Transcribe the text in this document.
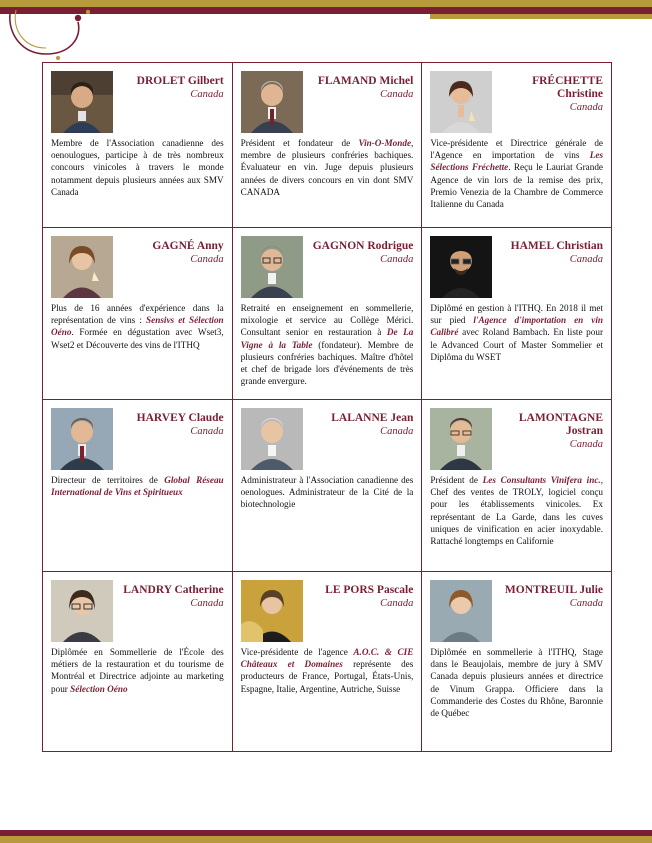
DROLET Gilbert
Canada
Membre de l'Association canadienne des oenoulogues, participe à de très nombreux concours vinicoles à travers le monde notamment depuis plusieurs années aux SMV Canada
FLAMAND Michel
Canada
Président et fondateur de Vin-O-Monde, membre de plusieurs confréries bachiques. Évaluateur en vin. Juge depuis plusieurs années de divers concours en vin dont SMV CANADA
FRÉCHETTE Christine
Canada
Vice-présidente et Directrice générale de l'Agence en importation de vins Les Sélections Fréchette. Reçu le Lauriat Grande Agence de vin lors de la remise des prix, Premio Venezia de la Chambre de Commerce Italienne du Canada
GAGNÉ Anny
Canada
Plus de 16 années d'expérience dans la représentation de vins : Sensivs et Sélection Oéno. Formée en dégustation avec Wset3, Wset2 et Découverte des vins de l'ITHQ
GAGNON Rodrigue
Canada
Retraité en enseignement en sommellerie, mixologie et service au Collège Mérici. Consultant senior en restauration à De La Vigne à la Table (fondateur). Membre de plusieurs confréries bachiques. Maître d'hôtel et chef de brigade lors d'événements de très grande envergure.
HAMEL Christian
Canada
Diplômé en gestion à l'ITHQ. En 2018 il met sur pied l'Agence d'importation en vin Calibré avec Roland Bambach. En liste pour le Advanced Court of Master Sommelier et Diplôma du WSET
HARVEY Claude
Canada
Directeur de territoires de Global Réseau International de Vins et Spiritueux
LALANNE Jean
Canada
Administrateur à l'Association canadienne des oenologues. Administrateur de la Cité de la biotechnologie
LAMONTAGNE Jostran
Canada
Président de Les Consultants Vinifera inc., Chef des ventes de TROLY, logiciel conçu pour les établissements vinicoles. Ex représentant de La Garde, dans les cuves uniques de vinification en acier inoxydable. Rattaché longtemps en Californie
LANDRY Catherine
Canada
Diplômée en Sommellerie de l'École des métiers de la restauration et du tourisme de Montréal et Directrice adjointe au marketing pour Sélection Oéno
LE PORS Pascale
Canada
Vice-présidente de l'agence A.O.C. & CIE Châteaux et Domaines représente des producteurs de France, Portugal, États-Unis, Espagne, Italie, Argentine, Autriche, Suisse
MONTREUIL Julie
Canada
Diplômée en sommellerie à l'ITHQ, Stage dans le Beaujolais, membre de jury à SMV Canada depuis plusieurs années et directrice de Vinum Grappa. Officiere dans la Commanderie des Costes du Rhône, Baronnie de Québec
